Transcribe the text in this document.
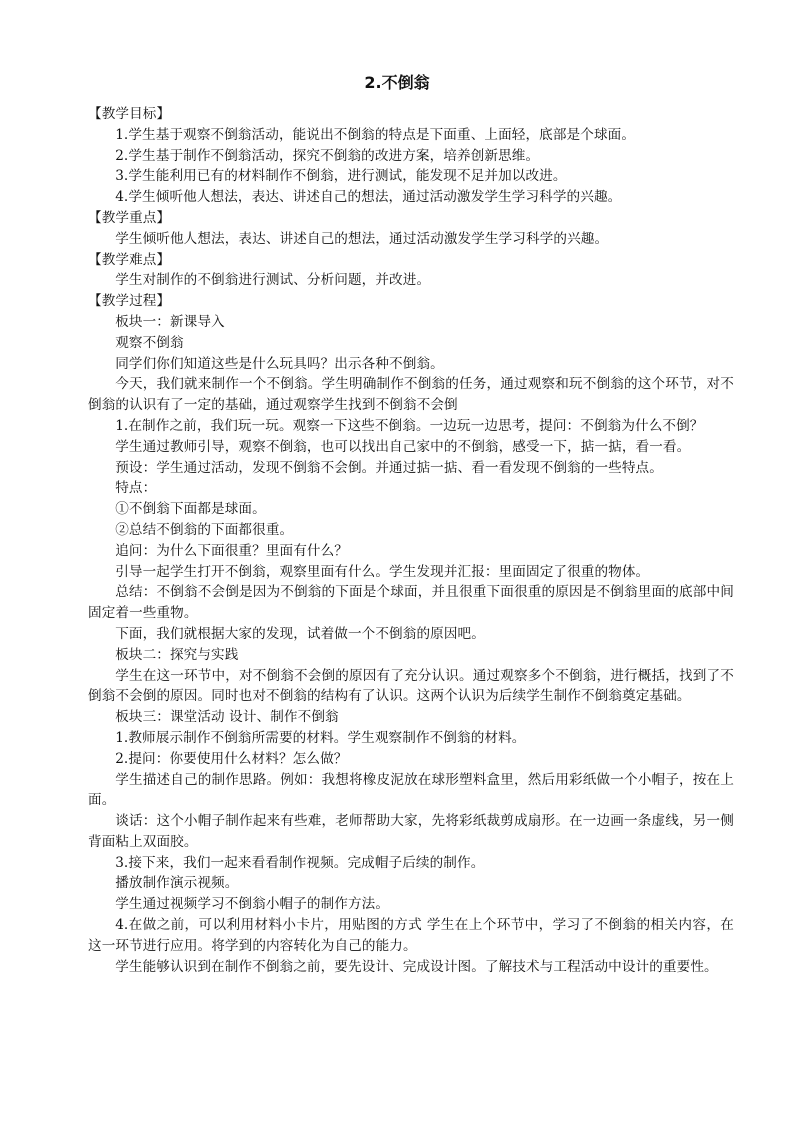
2.不倒翁

【教学目标】

1.学生基于观察不倒翁活动，能说出不倒翁的特点是下面重、上面轻，底部是个球面。

2.学生基于制作不倒翁活动，探究不倒翁的改进方案，培养创新思维。

3.学生能利用已有的材料制作不倒翁，进行测试，能发现不足并加以改进。

4.学生倾听他人想法，表达、讲述自己的想法，通过活动激发学生学习科学的兴趣。

【教学重点】

学生倾听他人想法，表达、讲述自己的想法，通过活动激发学生学习科学的兴趣。

【教学难点】

学生对制作的不倒翁进行测试、分析问题，并改进。

【教学过程】

板块一：新课导入

观察不倒翁

同学们你们知道这些是什么玩具吗？出示各种不倒翁。

今天，我们就来制作一个不倒翁。学生明确制作不倒翁的任务，通过观察和玩不倒翁的这个环节，对不倒翁的认识有了一定的基础，通过观察学生找到不倒翁不会倒

1.在制作之前，我们玩一玩。观察一下这些不倒翁。一边玩一边思考，提问：不倒翁为什么不倒？

学生通过教师引导，观察不倒翁，也可以找出自己家中的不倒翁，感受一下，掂一掂，看一看。

预设：学生通过活动，发现不倒翁不会倒。并通过掂一掂、看一看发现不倒翁的一些特点。

特点：

①不倒翁下面都是球面。

②总结不倒翁的下面都很重。

追问：为什么下面很重？里面有什么？

引导一起学生打开不倒翁，观察里面有什么。学生发现并汇报：里面固定了很重的物体。

总结：不倒翁不会倒是因为不倒翁的下面是个球面，并且很重下面很重的原因是不倒翁里面的底部中间固定着一些重物。

下面，我们就根据大家的发现，试着做一个不倒翁的原因吧。

板块二：探究与实践

学生在这一环节中，对不倒翁不会倒的原因有了充分认识。通过观察多个不倒翁，进行概括，找到了不倒翁不会倒的原因。同时也对不倒翁的结构有了认识。这两个认识为后续学生制作不倒翁奠定基础。

板块三：课堂活动 设计、制作不倒翁

1.教师展示制作不倒翁所需要的材料。学生观察制作不倒翁的材料。

2.提问：你要使用什么材料？怎么做？

学生描述自己的制作思路。例如：我想将橡皮泥放在球形塑料盒里，然后用彩纸做一个小帽子，按在上面。

谈话：这个小帽子制作起来有些难，老师帮助大家，先将彩纸裁剪成扇形。在一边画一条虚线，另一侧背面粘上双面胶。

3.接下来，我们一起来看看制作视频。完成帽子后续的制作。

播放制作演示视频。

学生通过视频学习不倒翁小帽子的制作方法。

4.在做之前，可以利用材料小卡片，用贴图的方式 学生在上个环节中，学习了不倒翁的相关内容，在这一环节进行应用。将学到的内容转化为自己的能力。

学生能够认识到在制作不倒翁之前，要先设计、完成设计图。了解技术与工程活动中设计的重要性。
